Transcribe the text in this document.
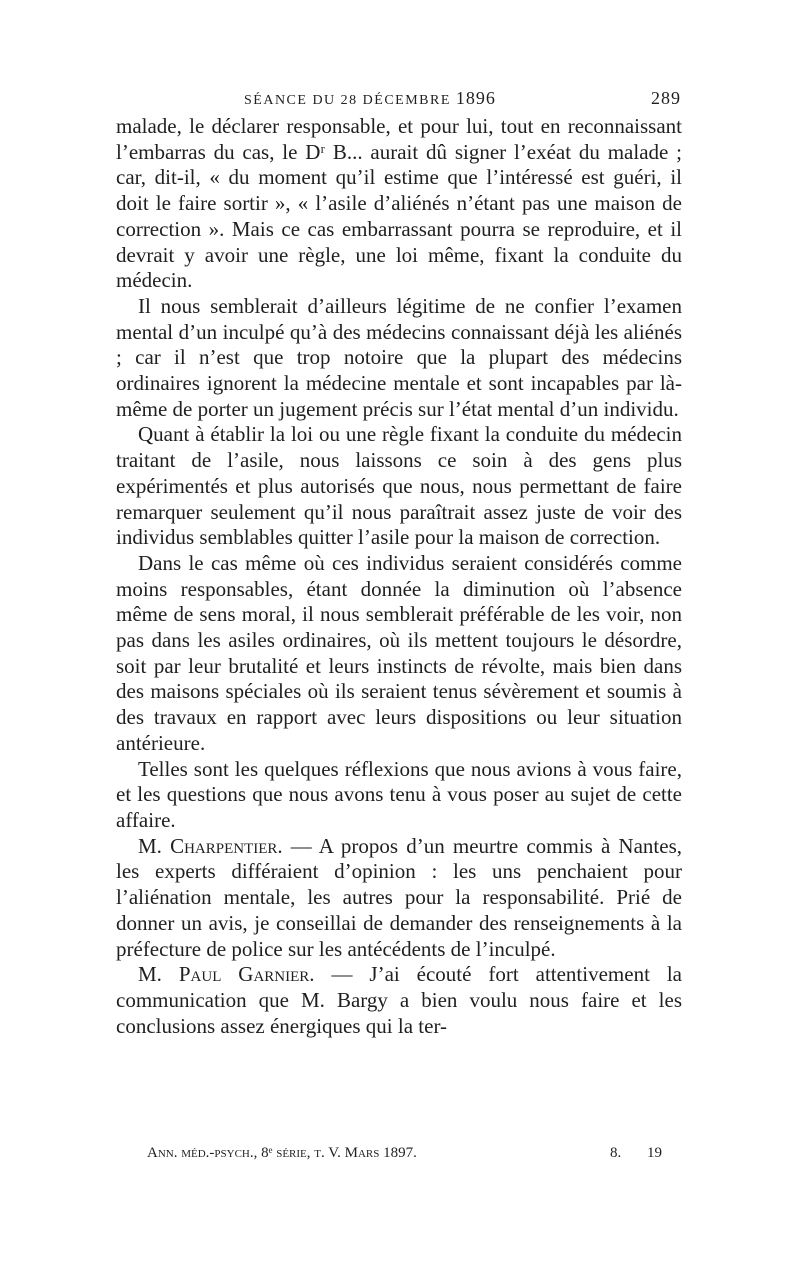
SÉANCE DU 28 DÉCEMBRE 1896	289

malade, le déclarer responsable, et pour lui, tout en reconnaissant l’embarras du cas, le Dʳ B... aurait dû signer l’exéat du malade ; car, dit-il, « du moment qu’il estime que l’intéressé est guéri, il doit le faire sortir », « l’asile d’aliénés n’étant pas une maison de correction ». Mais ce cas embarrassant pourra se reproduire, et il devrait y avoir une règle, une loi même, fixant la conduite du médecin.

Il nous semblerait d’ailleurs légitime de ne confier l’examen mental d’un inculpé qu’à des médecins connaissant déjà les aliénés ; car il n’est que trop notoire que la plupart des médecins ordinaires ignorent la médecine mentale et sont incapables par là-même de porter un jugement précis sur l’état mental d’un individu.

Quant à établir la loi ou une règle fixant la conduite du médecin traitant de l’asile, nous laissons ce soin à des gens plus expérimentés et plus autorisés que nous, nous permettant de faire remarquer seulement qu’il nous paraîtrait assez juste de voir des individus semblables quitter l’asile pour la maison de correction.

Dans le cas même où ces individus seraient considérés comme moins responsables, étant donnée la diminution où l’absence même de sens moral, il nous semblerait préférable de les voir, non pas dans les asiles ordinaires, où ils mettent toujours le désordre, soit par leur brutalité et leurs instincts de révolte, mais bien dans des maisons spéciales où ils seraient tenus sévèrement et soumis à des travaux en rapport avec leurs dispositions ou leur situation antérieure.

Telles sont les quelques réflexions que nous avions à vous faire, et les questions que nous avons tenu à vous poser au sujet de cette affaire.

M. Charpentier. — A propos d’un meurtre commis à Nantes, les experts différaient d’opinion : les uns penchaient pour l’aliénation mentale, les autres pour la responsabilité. Prié de donner un avis, je conseillai de demander des renseignements à la préfecture de police sur les antécédents de l’inculpé.

M. Paul Garnier. — J’ai écouté fort attentivement la communication que M. Bargy a bien voulu nous faire et les conclusions assez énergiques qui la ter-

Ann. méd.-psych., 8ᵉ série, t. V. Mars 1897.	8. 19
